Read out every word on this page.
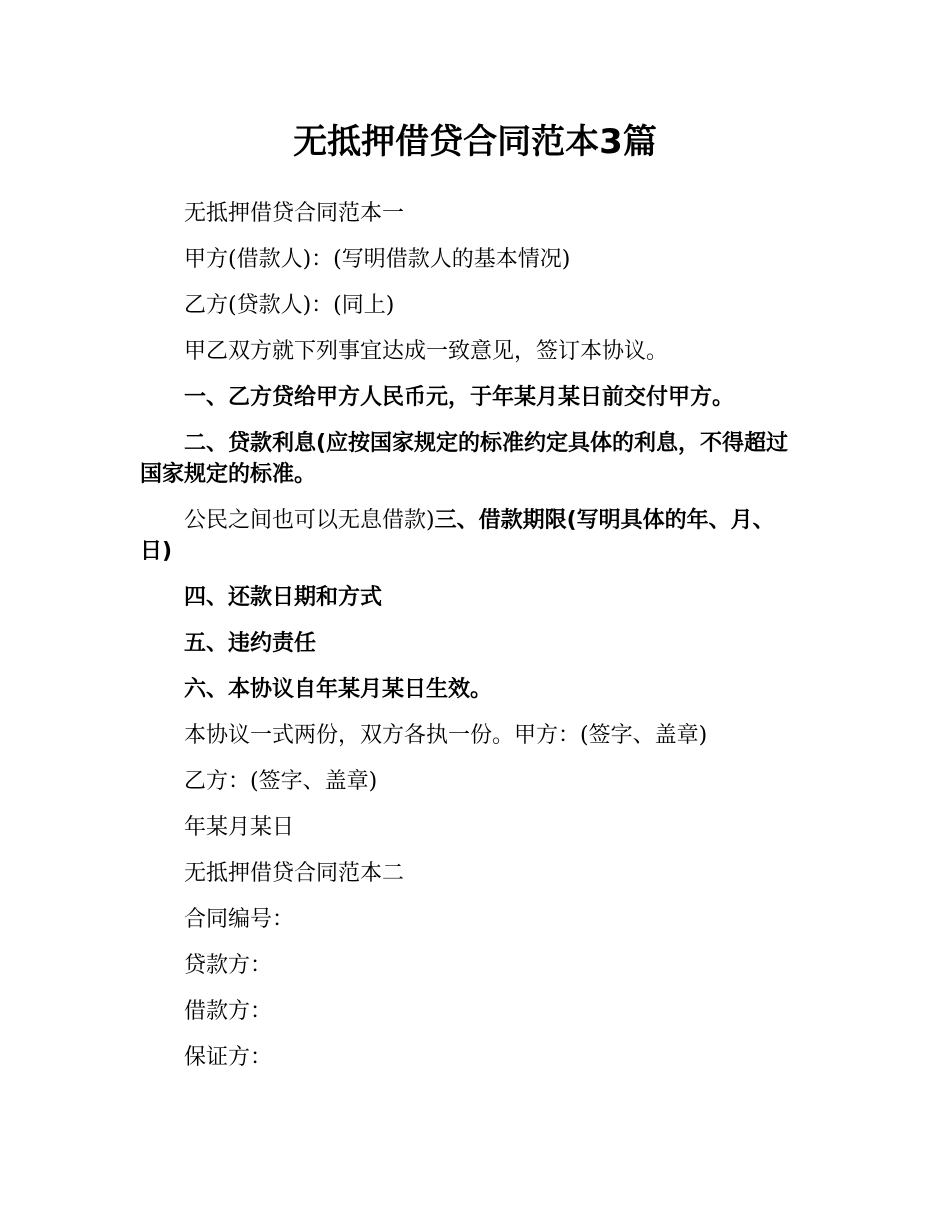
无抵押借贷合同范本3篇

无抵押借贷合同范本一

甲方(借款人)：(写明借款人的基本情况)

乙方(贷款人)：(同上)

甲乙双方就下列事宜达成一致意见，签订本协议。

一、乙方贷给甲方人民币元，于年某月某日前交付甲方。

二、贷款利息(应按国家规定的标准约定具体的利息，不得超过国家规定的标准。

公民之间也可以无息借款)三、借款期限(写明具体的年、月、日)

四、还款日期和方式

五、违约责任

六、本协议自年某月某日生效。

本协议一式两份，双方各执一份。甲方：(签字、盖章)

乙方：(签字、盖章)

年某月某日

无抵押借贷合同范本二

合同编号：

贷款方：

借款方：

保证方：
